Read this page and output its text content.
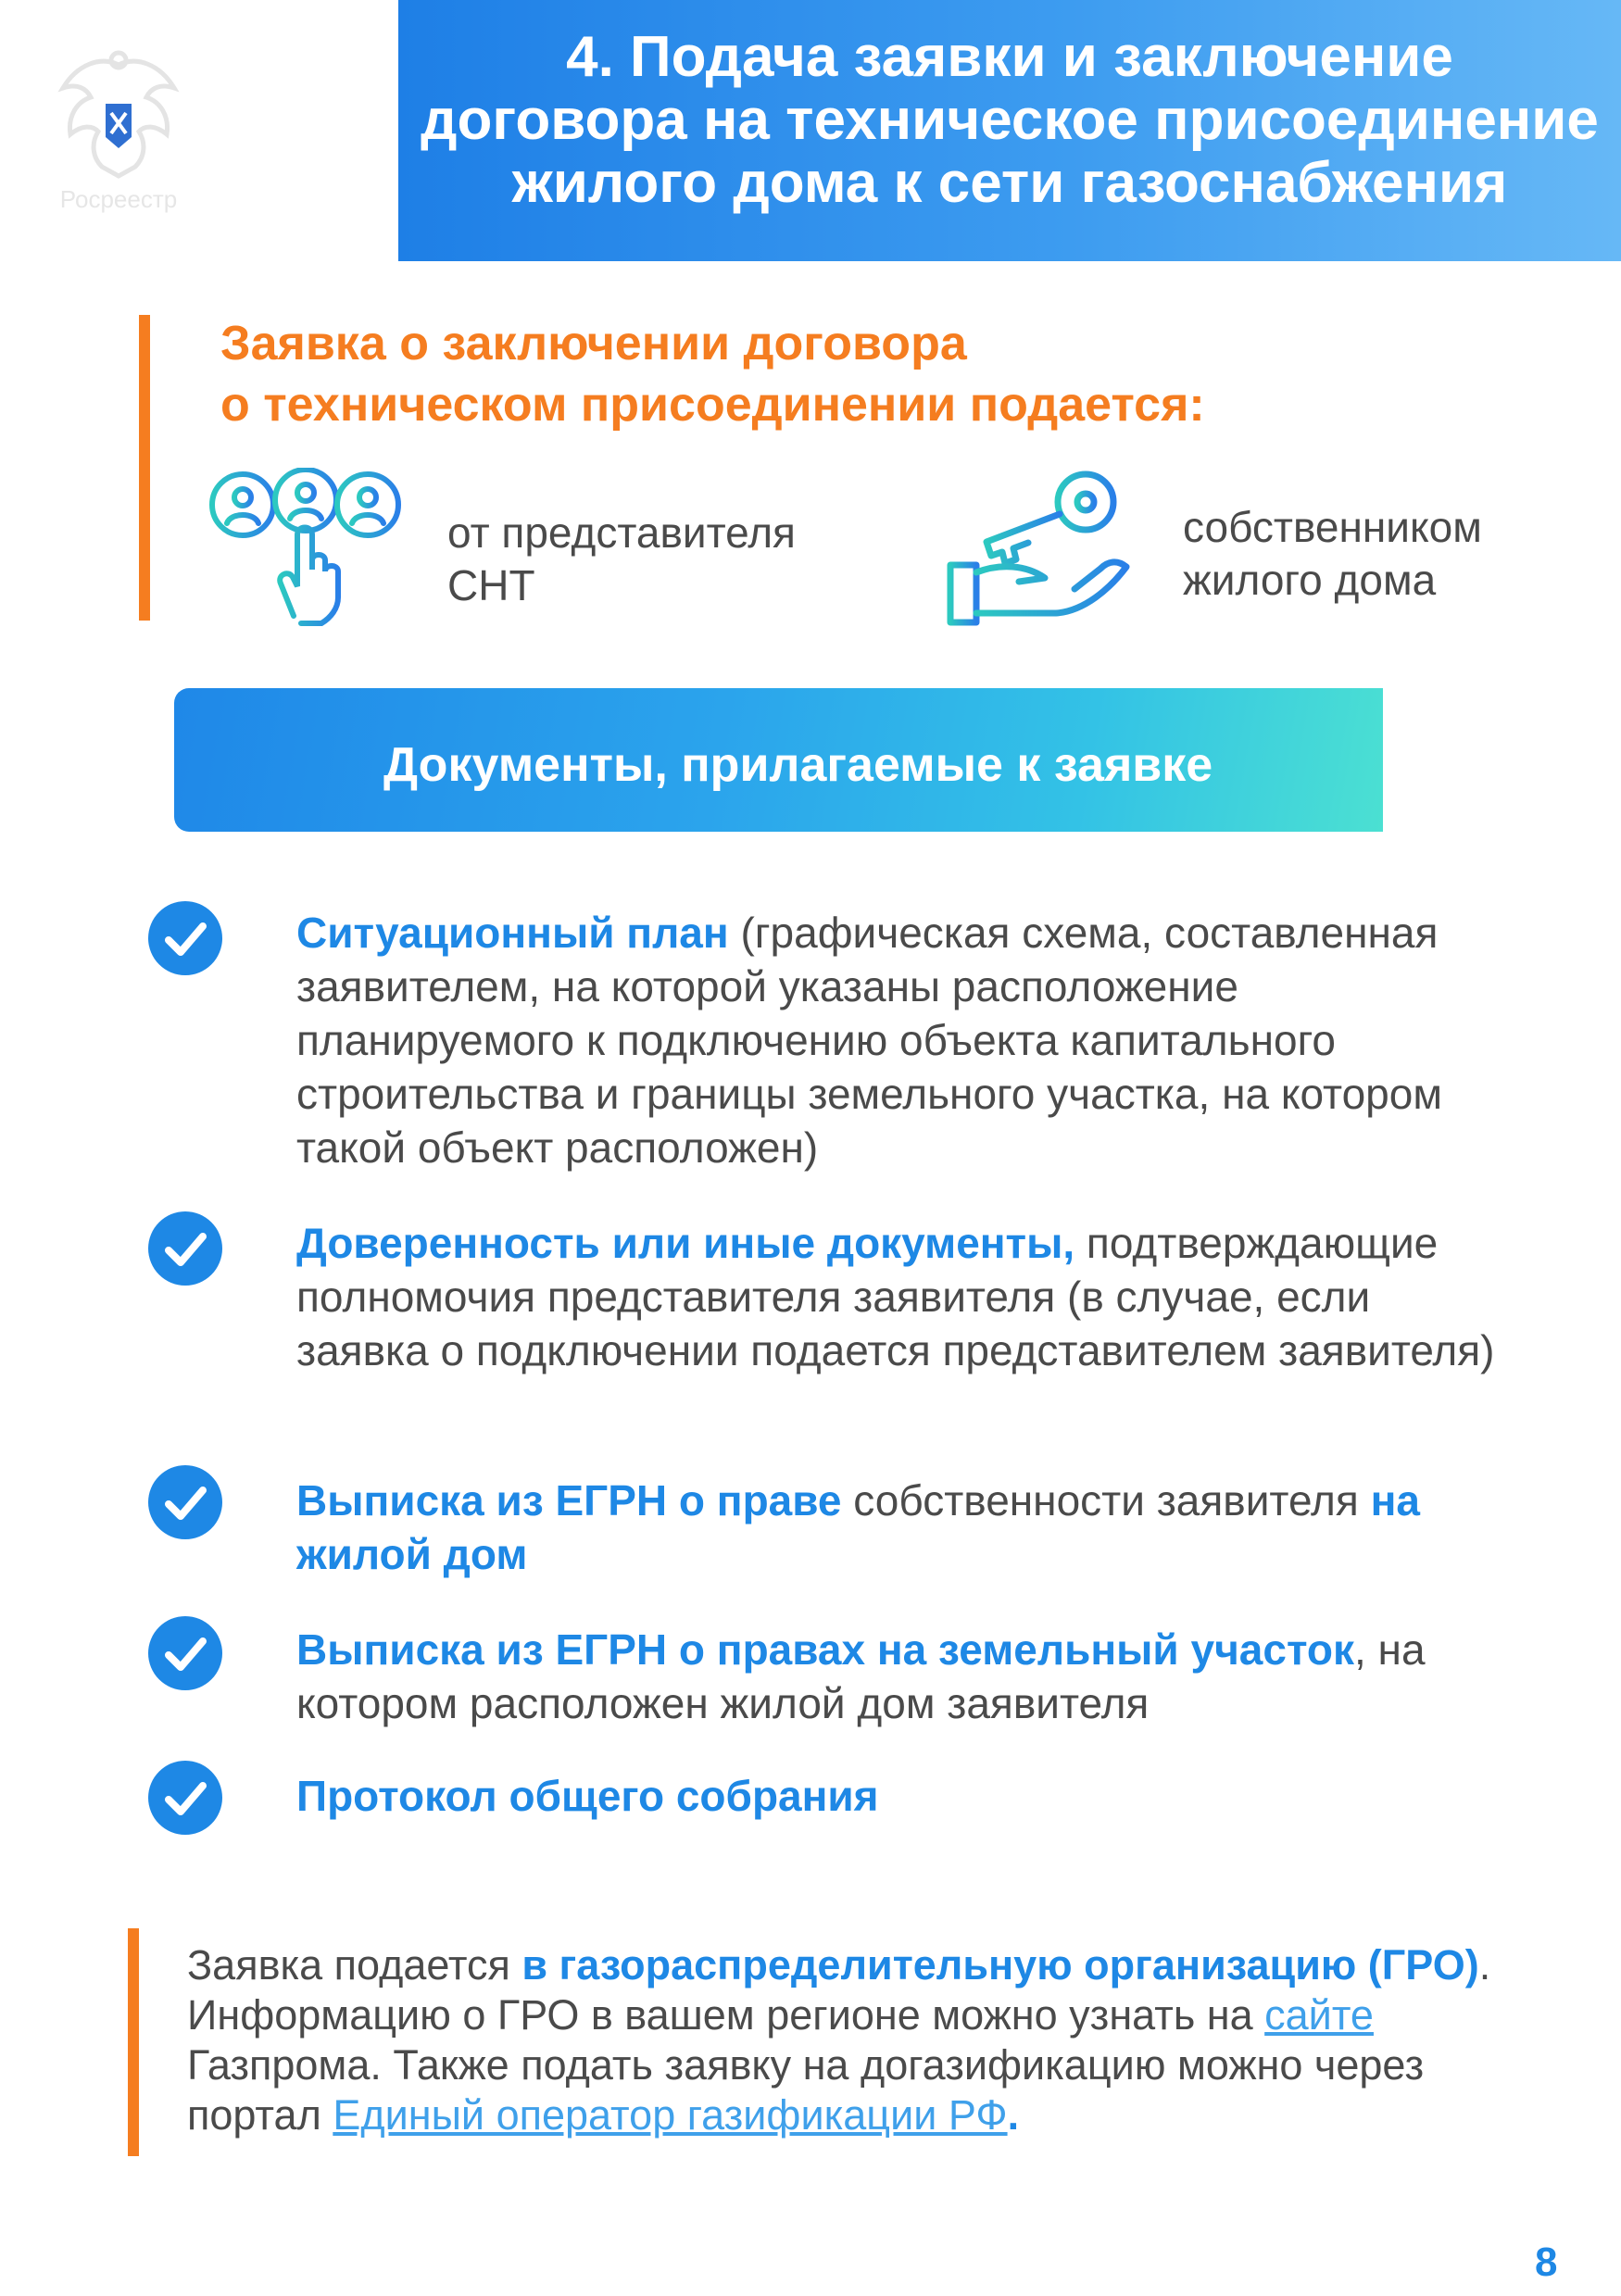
4. Подача заявки и заключение
договора на техническое присоединение
жилого дома к сети газоснабжения
Росреестр
Заявка о заключении договора
о техническом присоединении подается:
от представителя
СНТ
собственником
жилого дома
Документы, прилагаемые к заявке
Ситуационный план (графическая схема, составленная заявителем, на которой указаны расположение планируемого к подключению объекта капитального строительства и границы земельного участка, на котором такой объект расположен)
Доверенность или иные документы, подтверждающие полномочия представителя заявителя (в случае, если заявка о подключении подается представителем заявителя)
Выписка из ЕГРН о праве собственности заявителя на жилой дом
Выписка из ЕГРН о правах на земельный участок, на котором расположен жилой дом заявителя
Протокол общего собрания
Заявка подается в газораспределительную организацию (ГРО). Информацию о ГРО в вашем регионе можно узнать на сайте Газпрома. Также подать заявку на догазификацию можно через портал Единый оператор газификации РФ.
8
